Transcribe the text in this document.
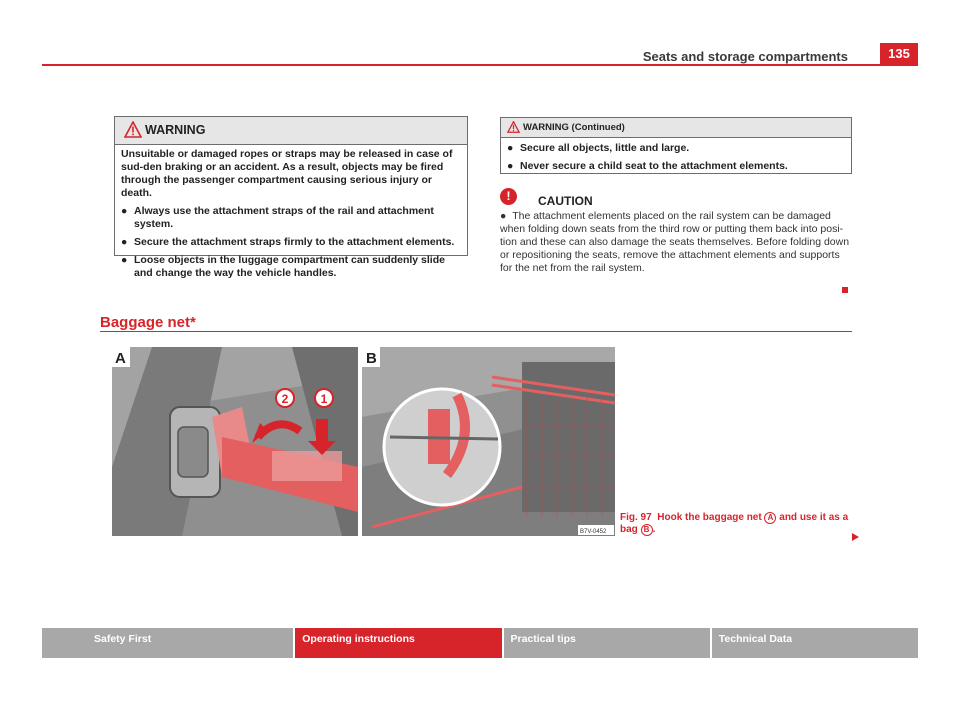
Seats and storage compartments	135
WARNING

Unsuitable or damaged ropes or straps may be released in case of sud-den braking or an accident. As a result, objects may be fired through the passenger compartment causing serious injury or death.

● Always use the attachment straps of the rail and attachment system.
● Secure the attachment straps firmly to the attachment elements.
● Loose objects in the luggage compartment can suddenly slide and change the way the vehicle handles.
WARNING (Continued)
● Secure all objects, little and large.
● Never secure a child seat to the attachment elements.
!	CAUTION
●  The attachment elements placed on the rail system can be damaged when folding down seats from the third row or putting them back into posi-tion and these can also damage the seats themselves. Before folding down or repositioning the seats, remove the attachment elements and supports for the net from the rail system.
Baggage net*
2	1
A	B
B7V-0452
Fig. 97 Hook the baggage net A and use it as a bag B .
Safety First	Operating instructions	Practical tips	Technical Data
